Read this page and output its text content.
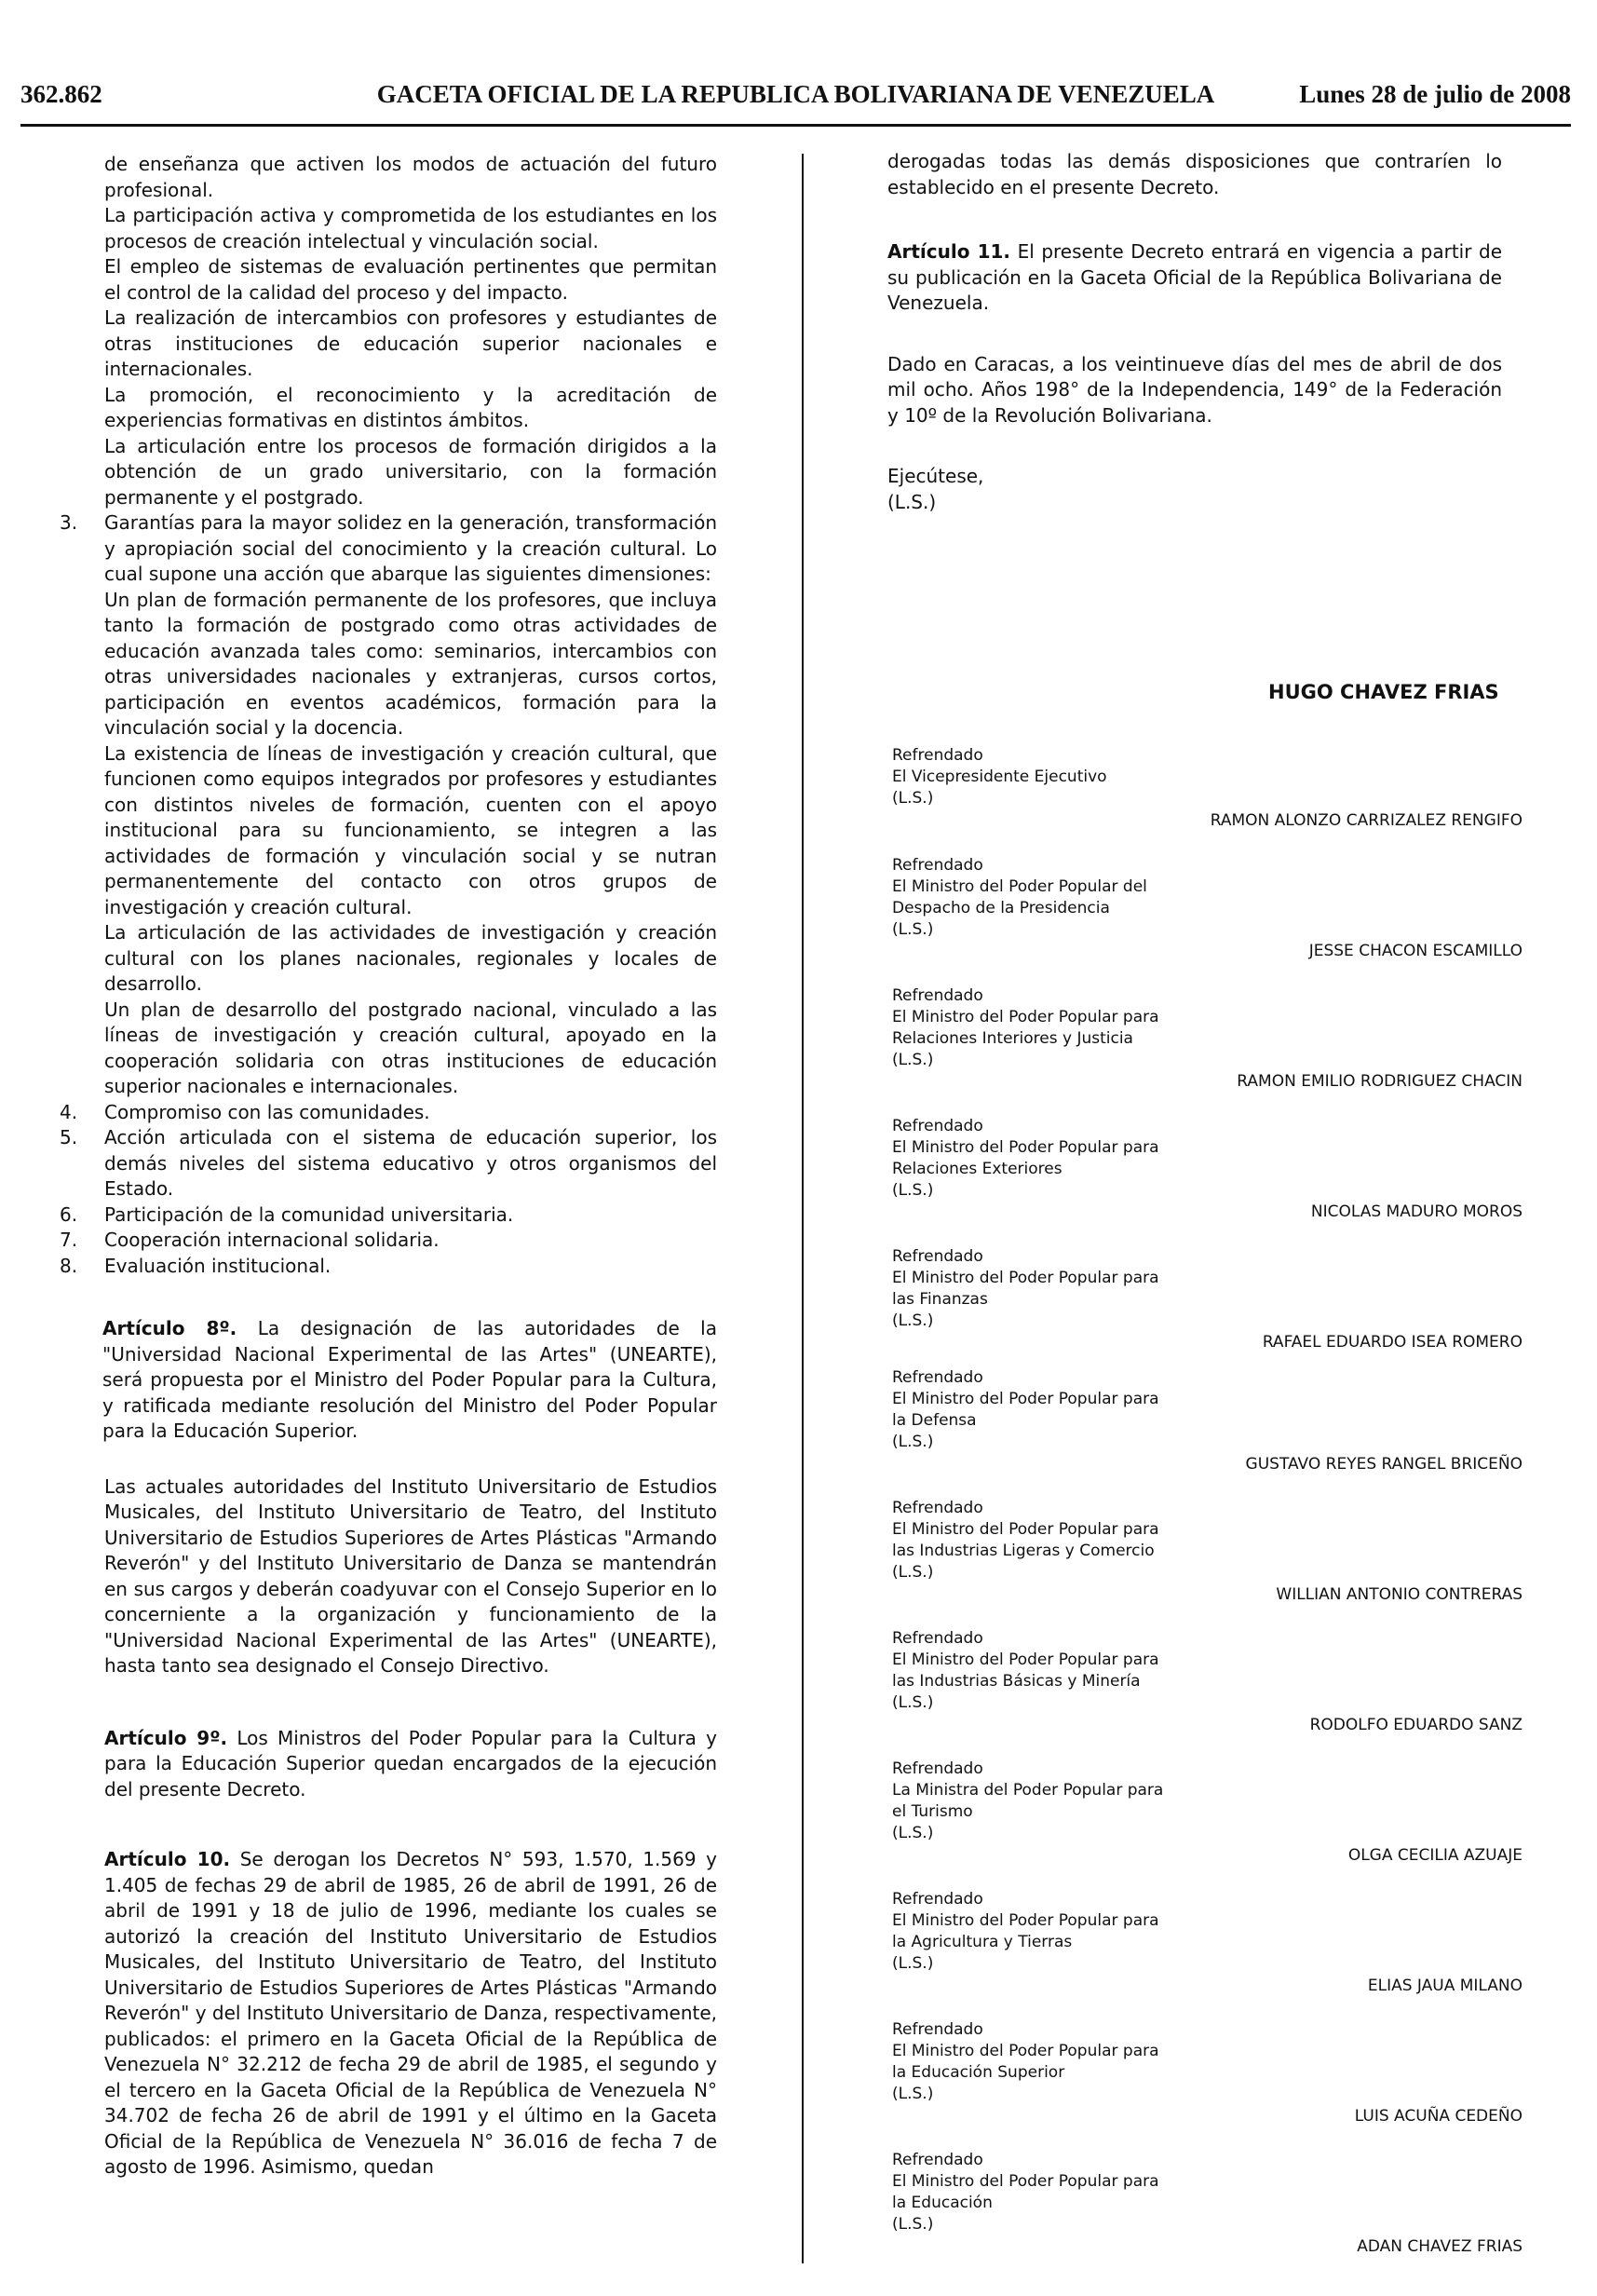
362.862	GACETA OFICIAL DE LA REPUBLICA BOLIVARIANA DE VENEZUELA	Lunes 28 de julio de 2008

de enseñanza que activen los modos de actuación del futuro profesional.

La participación activa y comprometida de los estudiantes en los procesos de creación intelectual y vinculación social.

El empleo de sistemas de evaluación pertinentes que permitan el control de la calidad del proceso y del impacto.

La realización de intercambios con profesores y estudiantes de otras instituciones de educación superior nacionales e internacionales.

La promoción, el reconocimiento y la acreditación de experiencias formativas en distintos ámbitos.

La articulación entre los procesos de formación dirigidos a la obtención de un grado universitario, con la formación permanente y el postgrado.

3.	Garantías para la mayor solidez en la generación, transformación y apropiación social del conocimiento y la creación cultural. Lo cual supone una acción que abarque las siguientes dimensiones:

Un plan de formación permanente de los profesores, que incluya tanto la formación de postgrado como otras actividades de educación avanzada tales como: seminarios, intercambios con otras universidades nacionales y extranjeras, cursos cortos, participación en eventos académicos, formación para la vinculación social y la docencia.

La existencia de líneas de investigación y creación cultural, que funcionen como equipos integrados por profesores y estudiantes con distintos niveles de formación, cuenten con el apoyo institucional para su funcionamiento, se integren a las actividades de formación y vinculación social y se nutran permanentemente del contacto con otros grupos de investigación y creación cultural.

La articulación de las actividades de investigación y creación cultural con los planes nacionales, regionales y locales de desarrollo.

Un plan de desarrollo del postgrado nacional, vinculado a las líneas de investigación y creación cultural, apoyado en la cooperación solidaria con otras instituciones de educación superior nacionales e internacionales.

4.	Compromiso con las comunidades.
5.	Acción articulada con el sistema de educación superior, los demás niveles del sistema educativo y otros organismos del Estado.
6.	Participación de la comunidad universitaria.
7.	Cooperación internacional solidaria.
8.	Evaluación institucional.

Artículo 8º. La designación de las autoridades de la "Universidad Nacional Experimental de las Artes" (UNEARTE), será propuesta por el Ministro del Poder Popular para la Cultura, y ratificada mediante resolución del Ministro del Poder Popular para la Educación Superior.

Las actuales autoridades del Instituto Universitario de Estudios Musicales, del Instituto Universitario de Teatro, del Instituto Universitario de Estudios Superiores de Artes Plásticas "Armando Reverón" y del Instituto Universitario de Danza se mantendrán en sus cargos y deberán coadyuvar con el Consejo Superior en lo concerniente a la organización y funcionamiento de la "Universidad Nacional Experimental de las Artes" (UNEARTE), hasta tanto sea designado el Consejo Directivo.

Artículo 9º. Los Ministros del Poder Popular para la Cultura y para la Educación Superior quedan encargados de la ejecución del presente Decreto.

Artículo 10. Se derogan los Decretos N° 593, 1.570, 1.569 y 1.405 de fechas 29 de abril de 1985, 26 de abril de 1991, 26 de abril de 1991 y 18 de julio de 1996, mediante los cuales se autorizó la creación del Instituto Universitario de Estudios Musicales, del Instituto Universitario de Teatro, del Instituto Universitario de Estudios Superiores de Artes Plásticas "Armando Reverón" y del Instituto Universitario de Danza, respectivamente, publicados: el primero en la Gaceta Oficial de la República de Venezuela N° 32.212 de fecha 29 de abril de 1985, el segundo y el tercero en la Gaceta Oficial de la República de Venezuela N° 34.702 de fecha 26 de abril de 1991 y el último en la Gaceta Oficial de la República de Venezuela N° 36.016 de fecha 7 de agosto de 1996. Asimismo, quedan

derogadas todas las demás disposiciones que contraríen lo establecido en el presente Decreto.

Artículo 11. El presente Decreto entrará en vigencia a partir de su publicación en la Gaceta Oficial de la República Bolivariana de Venezuela.

Dado en Caracas, a los veintinueve días del mes de abril de dos mil ocho. Años 198° de la Independencia, 149° de la Federación y 10º de la Revolución Bolivariana.

Ejecútese,

(L.S.)

HUGO CHAVEZ FRIAS
Refrendado
El Vicepresidente Ejecutivo
(L.S.)
RAMON ALONZO CARRIZALEZ RENGIFO
Refrendado
El Ministro del Poder Popular del
Despacho de la Presidencia
(L.S.)
JESSE CHACON ESCAMILLO
Refrendado
El Ministro del Poder Popular para
Relaciones Interiores y Justicia
(L.S.)
RAMON EMILIO RODRIGUEZ CHACIN
Refrendado
El Ministro del Poder Popular para
Relaciones Exteriores
(L.S.)
NICOLAS MADURO MOROS
Refrendado
El Ministro del Poder Popular para
las Finanzas
(L.S.)
RAFAEL EDUARDO ISEA ROMERO
Refrendado
El Ministro del Poder Popular para
la Defensa
(L.S.)
GUSTAVO REYES RANGEL BRICEÑO
Refrendado
El Ministro del Poder Popular para
las Industrias Ligeras y Comercio
(L.S.)
WILLIAN ANTONIO CONTRERAS
Refrendado
El Ministro del Poder Popular para
las Industrias Básicas y Minería
(L.S.)
RODOLFO EDUARDO SANZ
Refrendado
La Ministra del Poder Popular para
el Turismo
(L.S.)
OLGA CECILIA AZUAJE
Refrendado
El Ministro del Poder Popular para
la Agricultura y Tierras
(L.S.)
ELIAS JAUA MILANO
Refrendado
El Ministro del Poder Popular para
la Educación Superior
(L.S.)
LUIS ACUÑA CEDEÑO
Refrendado
El Ministro del Poder Popular para
la Educación
(L.S.)
ADAN CHAVEZ FRIAS
